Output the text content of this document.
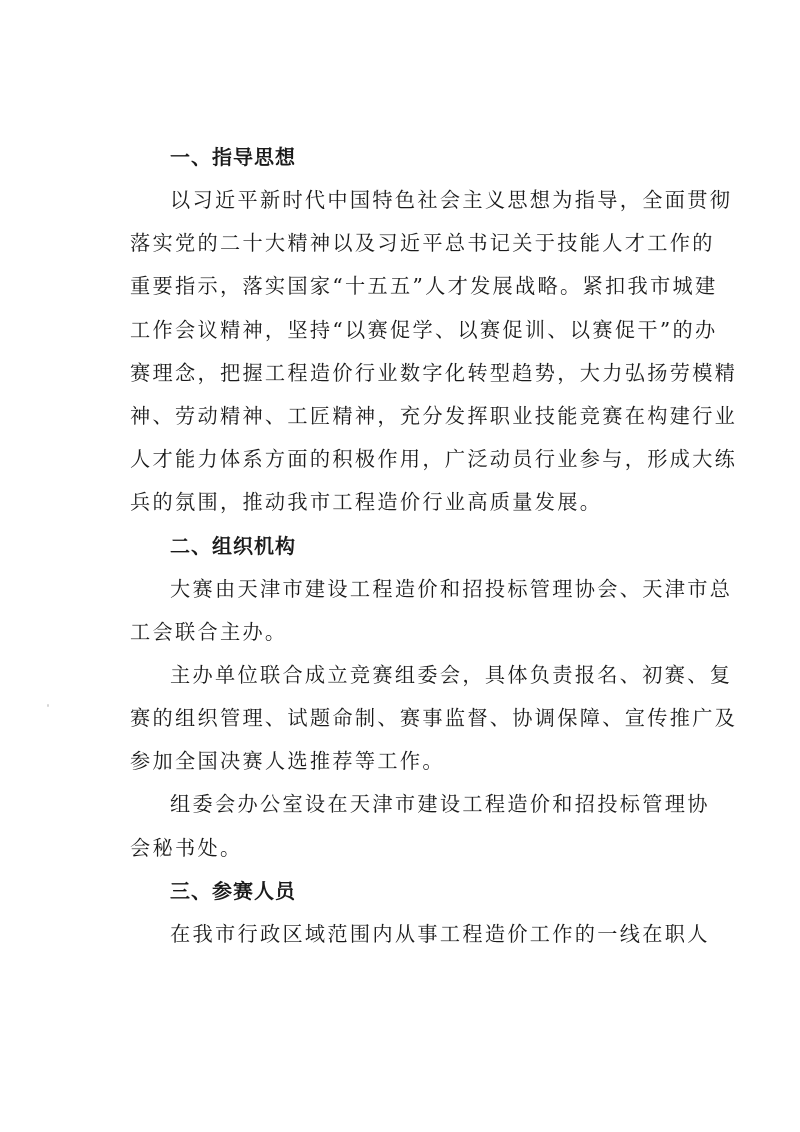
一、指导思想

以习近平新时代中国特色社会主义思想为指导，全面贯彻
落实党的二十大精神以及习近平总书记关于技能人才工作的
重要指示，落实国家“十五五”人才发展战略。紧扣我市城建
工作会议精神，坚持“以赛促学、以赛促训、以赛促干”的办
赛理念，把握工程造价行业数字化转型趋势，大力弘扬劳模精
神、劳动精神、工匠精神，充分发挥职业技能竞赛在构建行业
人才能力体系方面的积极作用，广泛动员行业参与，形成大练
兵的氛围，推动我市工程造价行业高质量发展。

二、组织机构

大赛由天津市建设工程造价和招投标管理协会、天津市总
工会联合主办。

主办单位联合成立竞赛组委会，具体负责报名、初赛、复
赛的组织管理、试题命制、赛事监督、协调保障、宣传推广及
参加全国决赛人选推荐等工作。

组委会办公室设在天津市建设工程造价和招投标管理协
会秘书处。

三、参赛人员

在我市行政区域范围内从事工程造价工作的一线在职人
